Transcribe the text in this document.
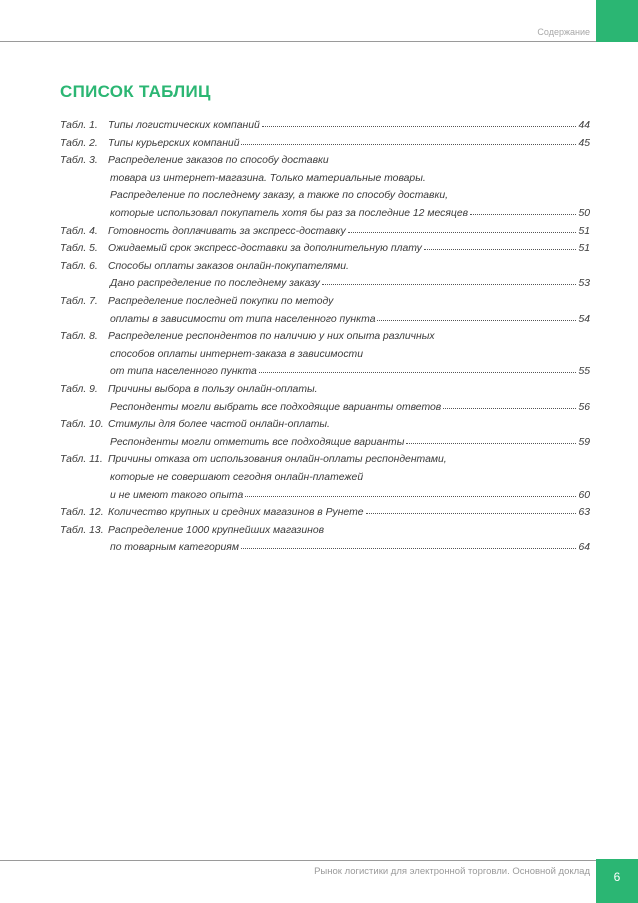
Содержание
СПИСОК ТАБЛИЦ
Табл. 1. Типы логистических компаний	44
Табл. 2. Типы курьерских компаний	45
Табл. 3. Распределение заказов по способу доставки
товара из интернет-магазина. Только материальные товары.
Распределение по последнему заказу, а также по способу доставки,
которые использовал покупатель хотя бы раз за последние 12 месяцев	50
Табл. 4. Готовность доплачивать за экспресс-доставку	51
Табл. 5. Ожидаемый срок экспресс-доставки за дополнительную плату	51
Табл. 6. Способы оплаты заказов онлайн-покупателями.
Дано распределение по последнему заказу	53
Табл. 7. Распределение последней покупки по методу
оплаты в зависимости от типа населенного пункта	54
Табл. 8. Распределение респондентов по наличию у них опыта различных
способов оплаты интернет-заказа в зависимости
от типа населенного пункта	55
Табл. 9. Причины выбора в пользу онлайн-оплаты.
Респонденты могли выбрать все подходящие варианты ответов	56
Табл. 10. Стимулы для более частой онлайн-оплаты.
Респонденты могли отметить все подходящие варианты	59
Табл. 11. Причины отказа от использования онлайн-оплаты респондентами,
которые не совершают сегодня онлайн-платежей
и не имеют такого опыта	60
Табл. 12. Количество крупных и средних магазинов в Рунете	63
Табл. 13. Распределение 1000 крупнейших магазинов
по товарным категориям	64
Рынок логистики для электронной торговли. Основной доклад	6
